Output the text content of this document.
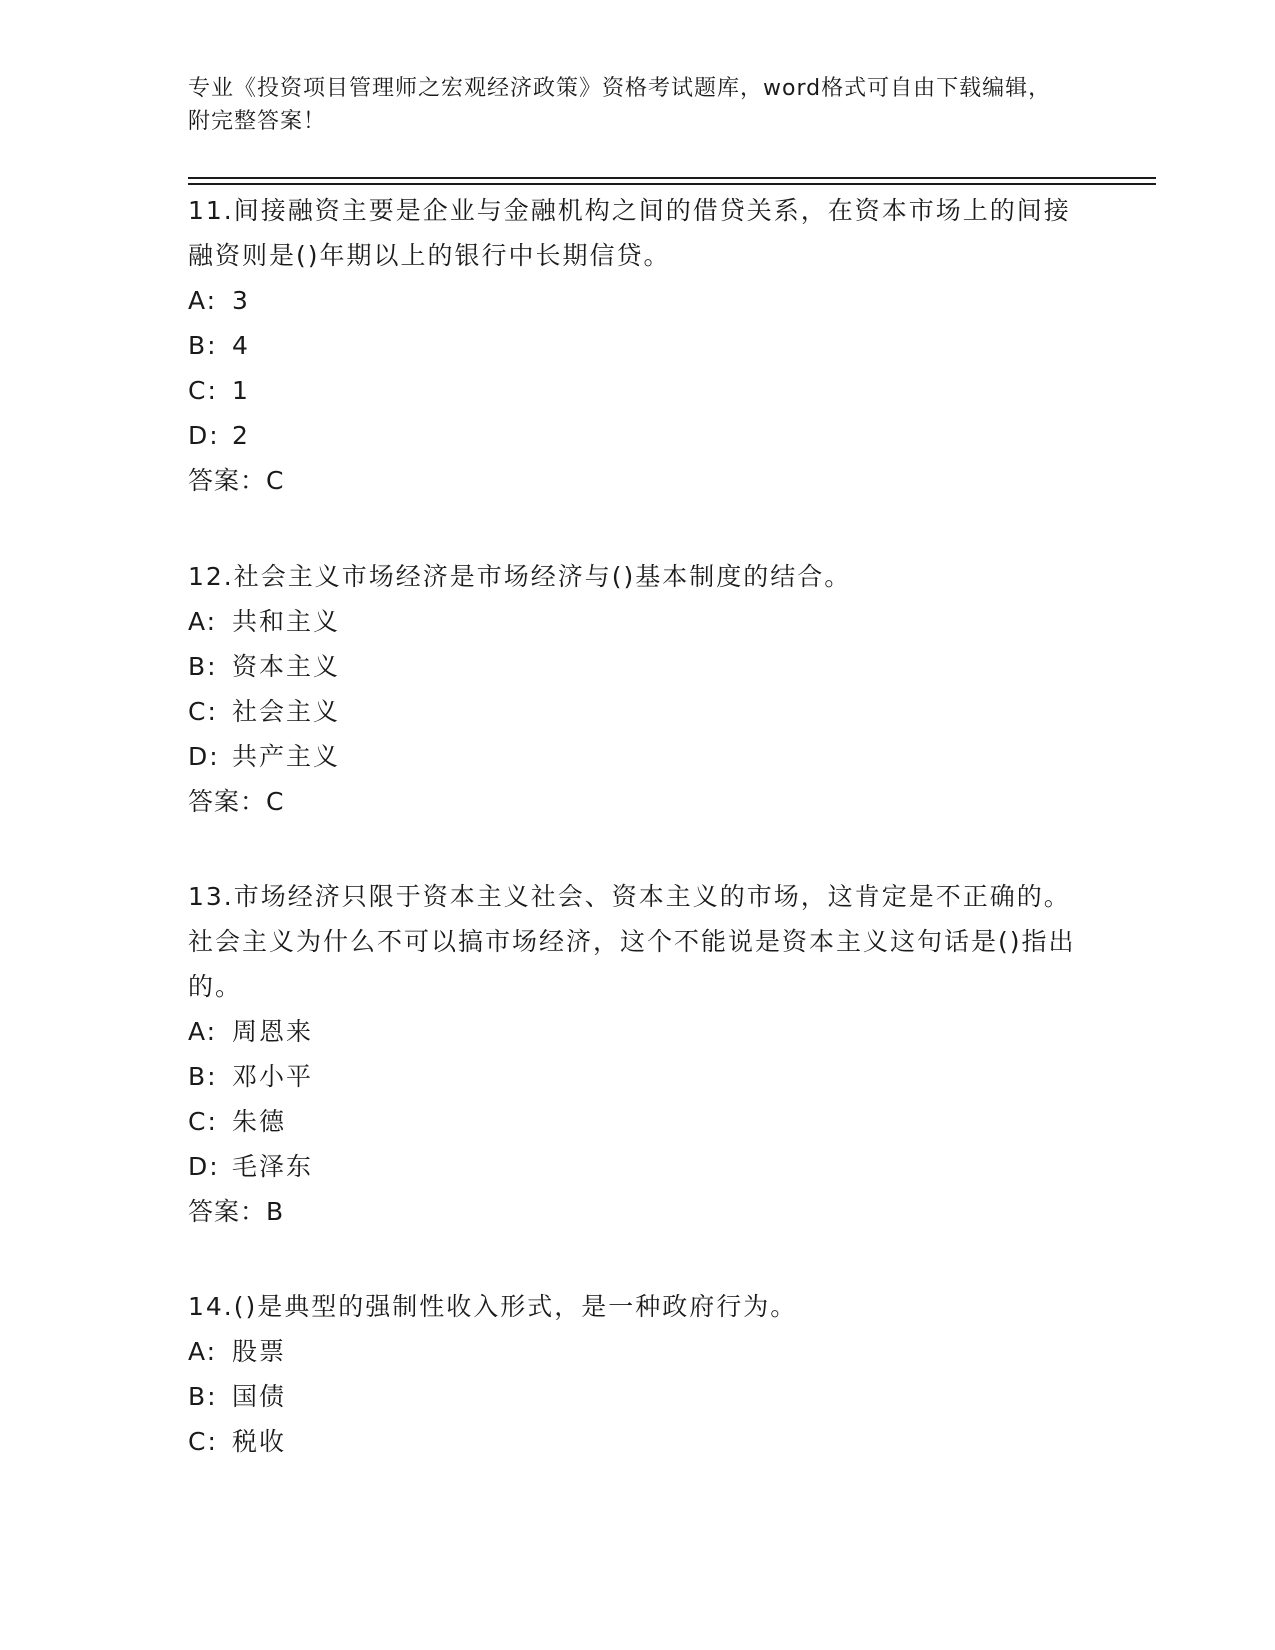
专业《投资项目管理师之宏观经济政策》资格考试题库，word格式可自由下载编辑，附完整答案！

11.间接融资主要是企业与金融机构之间的借贷关系，在资本市场上的间接融资则是()年期以上的银行中长期信贷。

A: 3
B: 4
C: 1
D: 2

答案：C

12.社会主义市场经济是市场经济与()基本制度的结合。

A: 共和主义
B: 资本主义
C: 社会主义
D: 共产主义

答案：C

13.市场经济只限于资本主义社会、资本主义的市场，这肯定是不正确的。社会主义为什么不可以搞市场经济，这个不能说是资本主义这句话是()指出的。

A: 周恩来
B: 邓小平
C: 朱德
D: 毛泽东

答案：B

14.()是典型的强制性收入形式，是一种政府行为。

A: 股票
B: 国债
C: 税收
